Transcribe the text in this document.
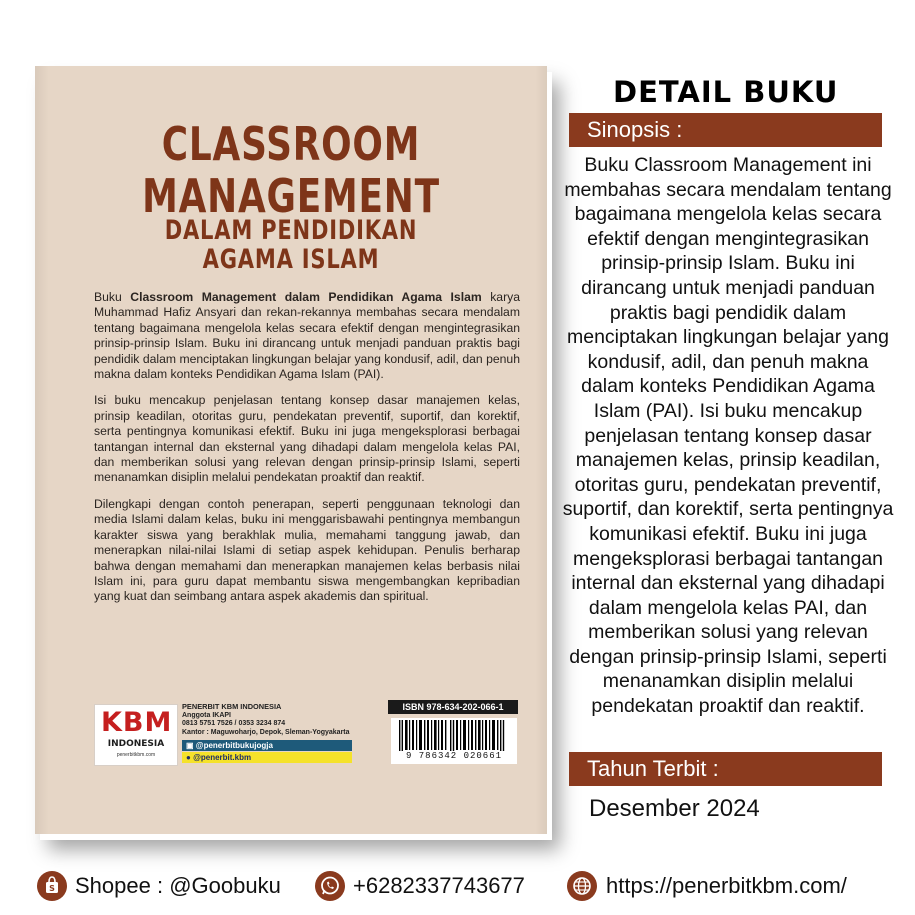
CLASSROOM
MANAGEMENT
DALAM PENDIDIKAN
AGAMA ISLAM

Buku Classroom Management dalam Pendidikan Agama Islam karya Muhammad Hafiz Ansyari dan rekan-rekannya membahas secara mendalam tentang bagaimana mengelola kelas secara efektif dengan mengintegrasikan prinsip-prinsip Islam. Buku ini dirancang untuk menjadi panduan praktis bagi pendidik dalam menciptakan lingkungan belajar yang kondusif, adil, dan penuh makna dalam konteks Pendidikan Agama Islam (PAI).

Isi buku mencakup penjelasan tentang konsep dasar manajemen kelas, prinsip keadilan, otoritas guru, pendekatan preventif, suportif, dan korektif, serta pentingnya komunikasi efektif. Buku ini juga mengeksplorasi berbagai tantangan internal dan eksternal yang dihadapi dalam mengelola kelas PAI, dan memberikan solusi yang relevan dengan prinsip-prinsip Islami, seperti menanamkan disiplin melalui pendekatan proaktif dan reaktif.

Dilengkapi dengan contoh penerapan, seperti penggunaan teknologi dan media Islami dalam kelas, buku ini menggarisbawahi pentingnya membangun karakter siswa yang berakhlak mulia, memahami tanggung jawab, dan menerapkan nilai-nilai Islami di setiap aspek kehidupan. Penulis berharap bahwa dengan memahami dan menerapkan manajemen kelas berbasis nilai Islam ini, para guru dapat membantu siswa mengembangkan kepribadian yang kuat dan seimbang antara aspek akademis dan spiritual.

KBM
INDONESIA
penerbitkbm.com
PENERBIT KBM INDONESIA
Anggota IKAPI
0813 5751 7526 / 0353 3234 874
Kantor : Maguwoharjo, Depok, Sleman-Yogyakarta
▣ @penerbitbukujogja
● @penerbit.kbm
ISBN 978-634-202-066-1
9 786342 020661
DETAIL BUKU
Sinopsis :
Buku Classroom Management ini membahas secara mendalam tentang bagaimana mengelola kelas secara efektif dengan mengintegrasikan prinsip-prinsip Islam. Buku ini dirancang untuk menjadi panduan praktis bagi pendidik dalam menciptakan lingkungan belajar yang kondusif, adil, dan penuh makna dalam konteks Pendidikan Agama Islam (PAI). Isi buku mencakup penjelasan tentang konsep dasar manajemen kelas, prinsip keadilan, otoritas guru, pendekatan preventif, suportif, dan korektif, serta pentingnya komunikasi efektif. Buku ini juga mengeksplorasi berbagai tantangan internal dan eksternal yang dihadapi dalam mengelola kelas PAI, dan memberikan solusi yang relevan dengan prinsip-prinsip Islami, seperti menanamkan disiplin melalui pendekatan proaktif dan reaktif.
Tahun Terbit :
Desember 2024
S Shopee : @Goobuku	+6282337743677	https://penerbitkbm.com/
